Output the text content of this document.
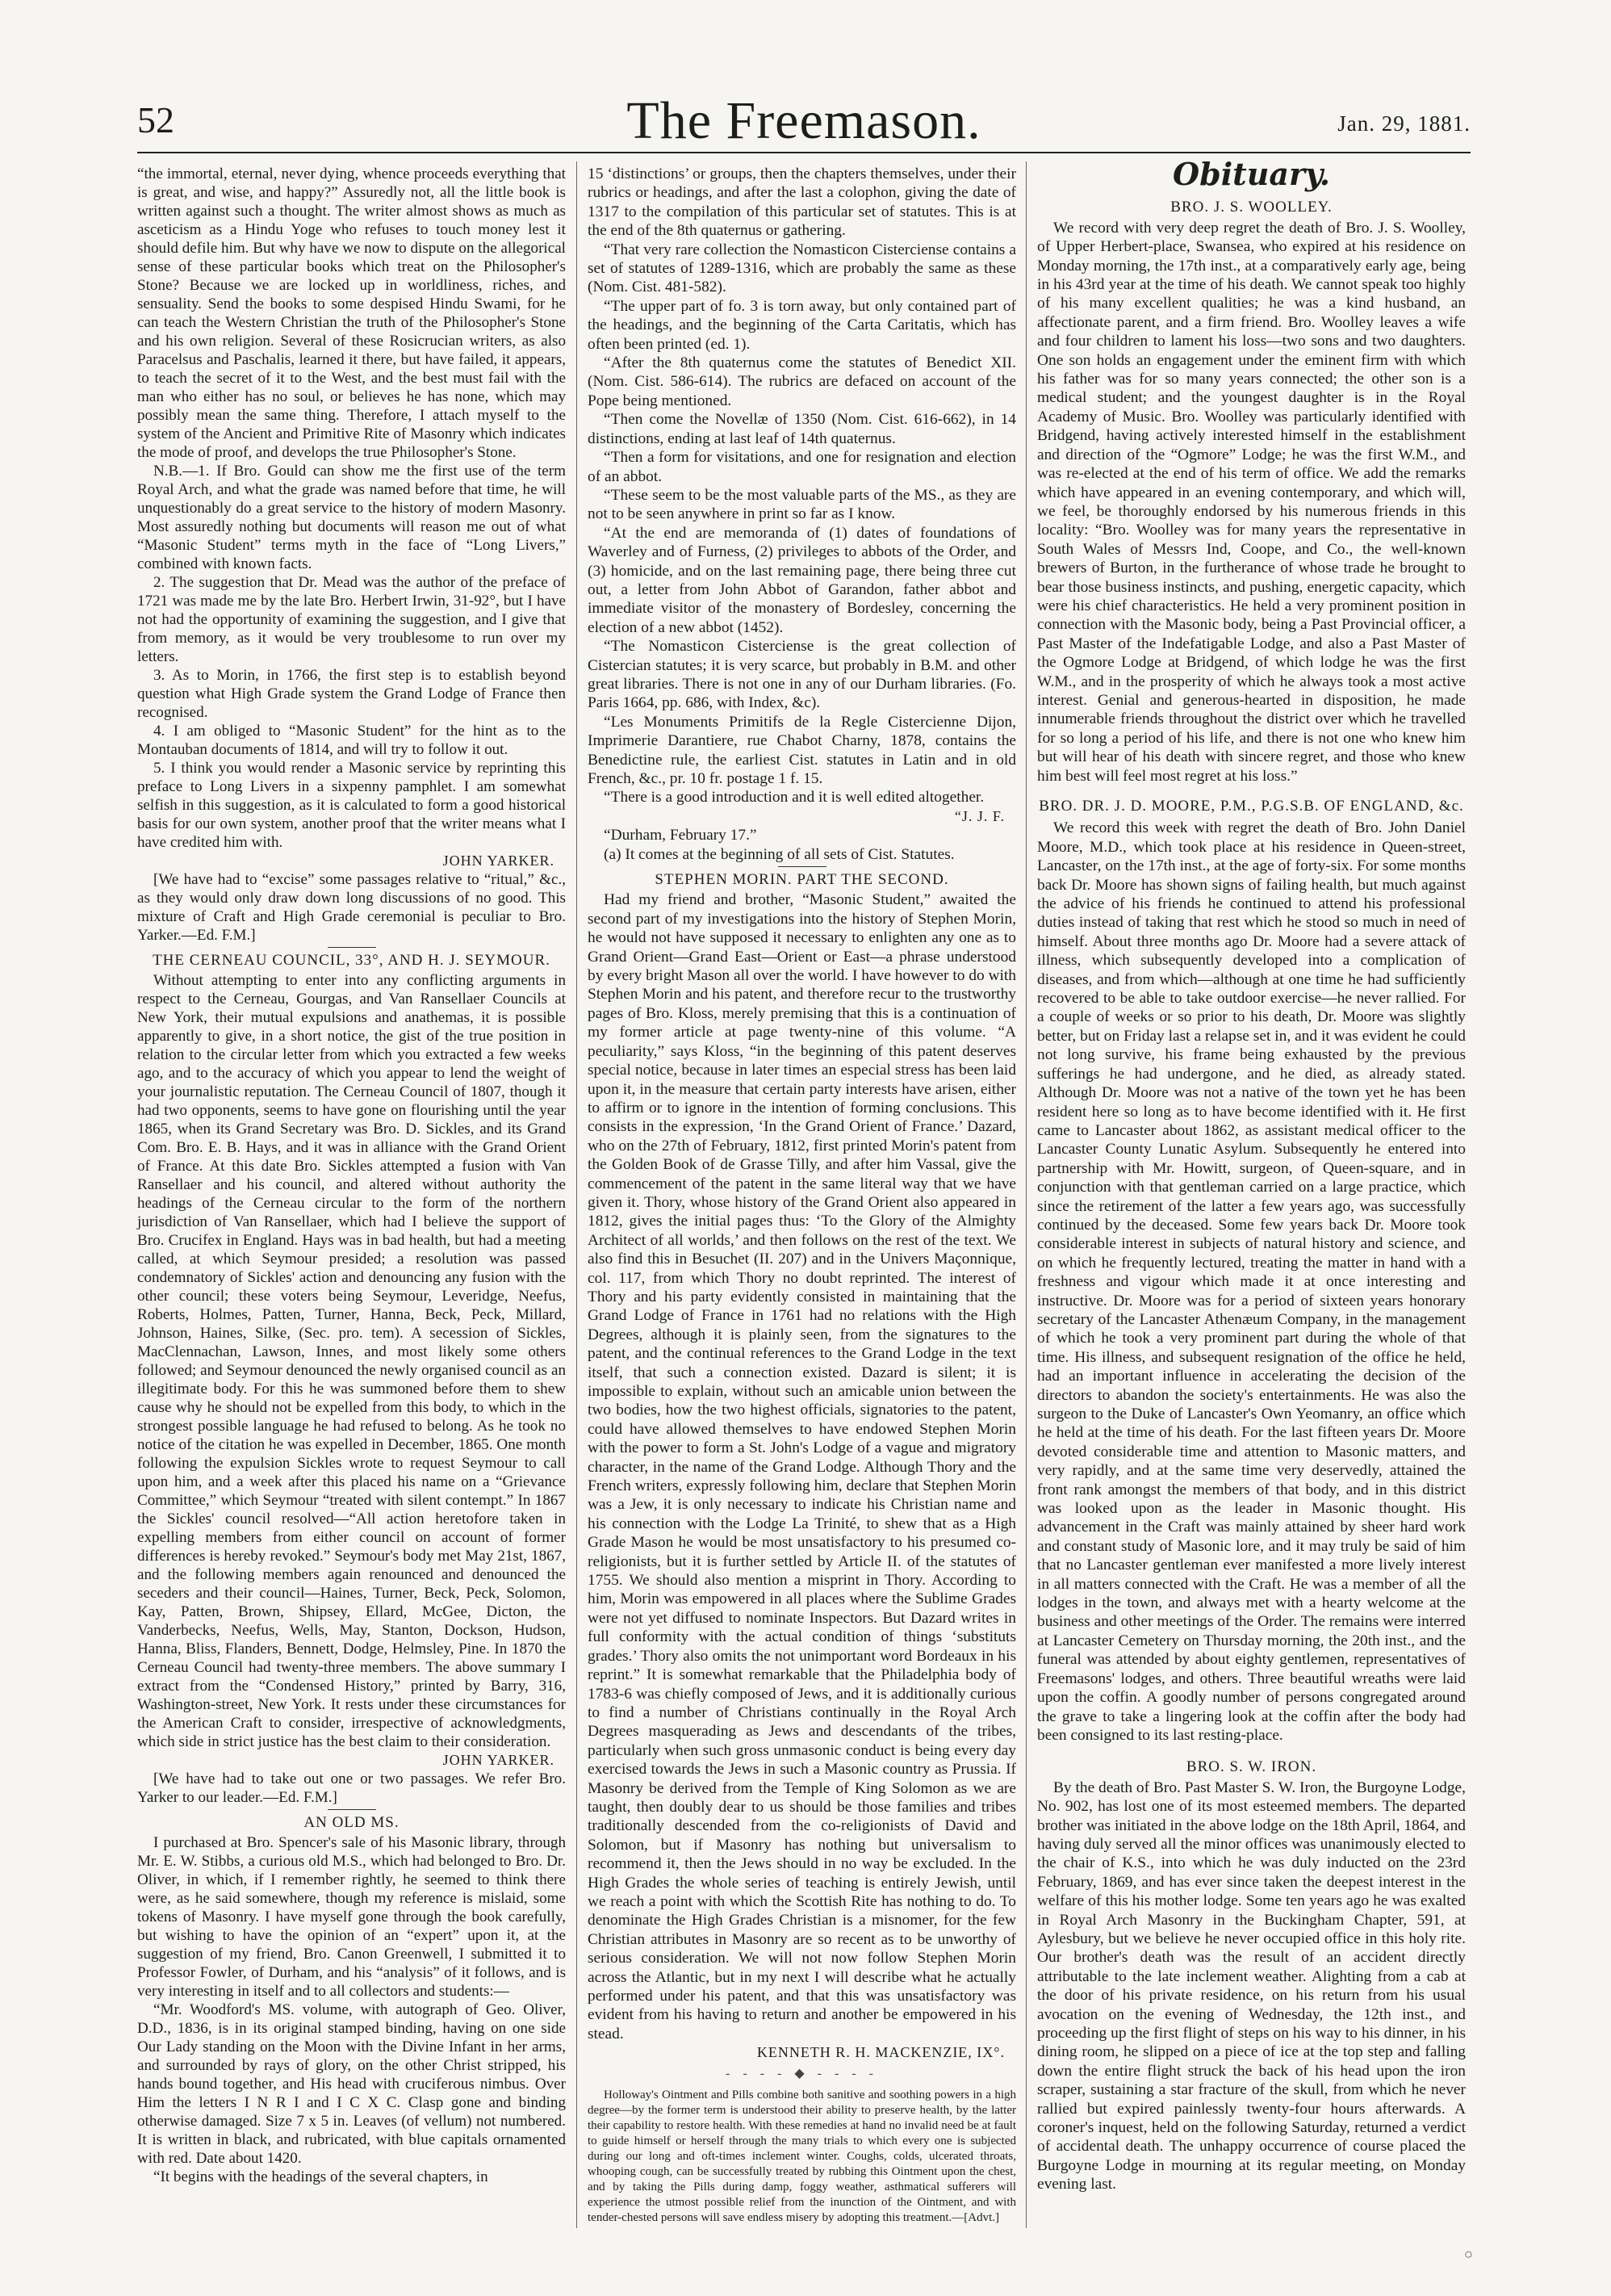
52	The Freemason.	Jan. 29, 1881.

“the immortal, eternal, never dying, whence proceeds everything that is great, and wise, and happy?” Assuredly not, all the little book is written against such a thought. The writer almost shows as much as asceticism as a Hindu Yoge who refuses to touch money lest it should defile him. But why have we now to dispute on the allegorical sense of these particular books which treat on the Philosopher's Stone? Because we are locked up in worldliness, riches, and sensuality. Send the books to some despised Hindu Swami, for he can teach the Western Christian the truth of the Philosopher's Stone and his own religion. Several of these Rosicrucian writers, as also Paracelsus and Paschalis, learned it there, but have failed, it appears, to teach the secret of it to the West, and the best must fail with the man who either has no soul, or believes he has none, which may possibly mean the same thing. Therefore, I attach myself to the system of the Ancient and Primitive Rite of Masonry which indicates the mode of proof, and develops the true Philosopher's Stone.

N.B.—1. If Bro. Gould can show me the first use of the term Royal Arch, and what the grade was named before that time, he will unquestionably do a great service to the history of modern Masonry. Most assuredly nothing but documents will reason me out of what “Masonic Student” terms myth in the face of “Long Livers,” combined with known facts.

2. The suggestion that Dr. Mead was the author of the preface of 1721 was made me by the late Bro. Herbert Irwin, 31-92°, but I have not had the opportunity of examining the suggestion, and I give that from memory, as it would be very troublesome to run over my letters.

3. As to Morin, in 1766, the first step is to establish beyond question what High Grade system the Grand Lodge of France then recognised.

4. I am obliged to “Masonic Student” for the hint as to the Montauban documents of 1814, and will try to follow it out.

5. I think you would render a Masonic service by reprinting this preface to Long Livers in a sixpenny pamphlet. I am somewhat selfish in this suggestion, as it is calculated to form a good historical basis for our own system, another proof that the writer means what I have credited him with.

JOHN YARKER.

[We have had to “excise” some passages relative to “ritual,” &c., as they would only draw down long discussions of no good. This mixture of Craft and High Grade ceremonial is peculiar to Bro. Yarker.—Ed. F.M.]

THE CERNEAU COUNCIL, 33°, AND H. J. SEYMOUR.

Without attempting to enter into any conflicting arguments in respect to the Cerneau, Gourgas, and Van Ransellaer Councils at New York, their mutual expulsions and anathemas, it is possible apparently to give, in a short notice, the gist of the true position in relation to the circular letter from which you extracted a few weeks ago, and to the accuracy of which you appear to lend the weight of your journalistic reputation. The Cerneau Council of 1807, though it had two opponents, seems to have gone on flourishing until the year 1865, when its Grand Secretary was Bro. D. Sickles, and its Grand Com. Bro. E. B. Hays, and it was in alliance with the Grand Orient of France. At this date Bro. Sickles attempted a fusion with Van Ransellaer and his council, and altered without authority the headings of the Cerneau circular to the form of the northern jurisdiction of Van Ransellaer, which had I believe the support of Bro. Crucifex in England. Hays was in bad health, but had a meeting called, at which Seymour presided; a resolution was passed condemnatory of Sickles' action and denouncing any fusion with the other council; these voters being Seymour, Leveridge, Neefus, Roberts, Holmes, Patten, Turner, Hanna, Beck, Peck, Millard, Johnson, Haines, Silke, (Sec. pro. tem). A secession of Sickles, MacClennachan, Lawson, Innes, and most likely some others followed; and Seymour denounced the newly organised council as an illegitimate body. For this he was summoned before them to shew cause why he should not be expelled from this body, to which in the strongest possible language he had refused to belong. As he took no notice of the citation he was expelled in December, 1865. One month following the expulsion Sickles wrote to request Seymour to call upon him, and a week after this placed his name on a “Grievance Committee,” which Seymour “treated with silent contempt.” In 1867 the Sickles' council resolved—“All action heretofore taken in expelling members from either council on account of former differences is hereby revoked.” Seymour's body met May 21st, 1867, and the following members again renounced and denounced the seceders and their council—Haines, Turner, Beck, Peck, Solomon, Kay, Patten, Brown, Shipsey, Ellard, McGee, Dicton, the Vanderbecks, Neefus, Wells, May, Stanton, Dockson, Hudson, Hanna, Bliss, Flanders, Bennett, Dodge, Helmsley, Pine. In 1870 the Cerneau Council had twenty-three members. The above summary I extract from the “Condensed History,” printed by Barry, 316, Washington-street, New York. It rests under these circumstances for the American Craft to consider, irrespective of acknowledgments, which side in strict justice has the best claim to their consideration.

JOHN YARKER.

[We have had to take out one or two passages. We refer Bro. Yarker to our leader.—Ed. F.M.]

AN OLD MS.

I purchased at Bro. Spencer's sale of his Masonic library, through Mr. E. W. Stibbs, a curious old M.S., which had belonged to Bro. Dr. Oliver, in which, if I remember rightly, he seemed to think there were, as he said somewhere, though my reference is mislaid, some tokens of Masonry. I have myself gone through the book carefully, but wishing to have the opinion of an “expert” upon it, at the suggestion of my friend, Bro. Canon Greenwell, I submitted it to Professor Fowler, of Durham, and his “analysis” of it follows, and is very interesting in itself and to all collectors and students:—

“Mr. Woodford's MS. volume, with autograph of Geo. Oliver, D.D., 1836, is in its original stamped binding, having on one side Our Lady standing on the Moon with the Divine Infant in her arms, and surrounded by rays of glory, on the other Christ stripped, his hands bound together, and His head with cruciferous nimbus. Over Him the letters I N R I and I C X C. Clasp gone and binding otherwise damaged. Size 7 x 5 in. Leaves (of vellum) not numbered. It is written in black, and rubricated, with blue capitals ornamented with red. Date about 1420.

“It begins with the headings of the several chapters, in

15 ‘distinctions’ or groups, then the chapters themselves, under their rubrics or headings, and after the last a colophon, giving the date of 1317 to the compilation of this particular set of statutes. This is at the end of the 8th quaternus or gathering.

“That very rare collection the Nomasticon Cisterciense contains a set of statutes of 1289-1316, which are probably the same as these (Nom. Cist. 481-582).

“The upper part of fo. 3 is torn away, but only contained part of the headings, and the beginning of the Carta Caritatis, which has often been printed (ed. 1).

“After the 8th quaternus come the statutes of Benedict XII. (Nom. Cist. 586-614). The rubrics are defaced on account of the Pope being mentioned.

“Then come the Novellæ of 1350 (Nom. Cist. 616-662), in 14 distinctions, ending at last leaf of 14th quaternus.

“Then a form for visitations, and one for resignation and election of an abbot.

“These seem to be the most valuable parts of the MS., as they are not to be seen anywhere in print so far as I know.

“At the end are memoranda of (1) dates of foundations of Waverley and of Furness, (2) privileges to abbots of the Order, and (3) homicide, and on the last remaining page, there being three cut out, a letter from John Abbot of Garandon, father abbot and immediate visitor of the monastery of Bordesley, concerning the election of a new abbot (1452).

“The Nomasticon Cisterciense is the great collection of Cistercian statutes; it is very scarce, but probably in B.M. and other great libraries. There is not one in any of our Durham libraries. (Fo. Paris 1664, pp. 686, with Index, &c).

“Les Monuments Primitifs de la Regle Cistercienne Dijon, Imprimerie Darantiere, rue Chabot Charny, 1878, contains the Benedictine rule, the earliest Cist. statutes in Latin and in old French, &c., pr. 10 fr. postage 1 f. 15.

“There is a good introduction and it is well edited altogether.

“J. J. F.

“Durham, February 17.”

(a) It comes at the beginning of all sets of Cist. Statutes.

STEPHEN MORIN. PART THE SECOND.

Had my friend and brother, “Masonic Student,” awaited the second part of my investigations into the history of Stephen Morin, he would not have supposed it necessary to enlighten any one as to Grand Orient—Grand East—Orient or East—a phrase understood by every bright Mason all over the world. I have however to do with Stephen Morin and his patent, and therefore recur to the trustworthy pages of Bro. Kloss, merely premising that this is a continuation of my former article at page twenty-nine of this volume. “A peculiarity,” says Kloss, “in the beginning of this patent deserves special notice, because in later times an especial stress has been laid upon it, in the measure that certain party interests have arisen, either to affirm or to ignore in the intention of forming conclusions. This consists in the expression, ‘In the Grand Orient of France.’ Dazard, who on the 27th of February, 1812, first printed Morin's patent from the Golden Book of de Grasse Tilly, and after him Vassal, give the commencement of the patent in the same literal way that we have given it. Thory, whose history of the Grand Orient also appeared in 1812, gives the initial pages thus: ‘To the Glory of the Almighty Architect of all worlds,’ and then follows on the rest of the text. We also find this in Besuchet (II. 207) and in the Univers Maçonnique, col. 117, from which Thory no doubt reprinted. The interest of Thory and his party evidently consisted in maintaining that the Grand Lodge of France in 1761 had no relations with the High Degrees, although it is plainly seen, from the signatures to the patent, and the continual references to the Grand Lodge in the text itself, that such a connection existed. Dazard is silent; it is impossible to explain, without such an amicable union between the two bodies, how the two highest officials, signatories to the patent, could have allowed themselves to have endowed Stephen Morin with the power to form a St. John's Lodge of a vague and migratory character, in the name of the Grand Lodge. Although Thory and the French writers, expressly following him, declare that Stephen Morin was a Jew, it is only necessary to indicate his Christian name and his connection with the Lodge La Trinité, to shew that as a High Grade Mason he would be most unsatisfactory to his presumed co-religionists, but it is further settled by Article II. of the statutes of 1755. We should also mention a misprint in Thory. According to him, Morin was empowered in all places where the Sublime Grades were not yet diffused to nominate Inspectors. But Dazard writes in full conformity with the actual condition of things ‘substituts grades.’ Thory also omits the not unimportant word Bordeaux in his reprint.” It is somewhat remarkable that the Philadelphia body of 1783-6 was chiefly composed of Jews, and it is additionally curious to find a number of Christians continually in the Royal Arch Degrees masquerading as Jews and descendants of the tribes, particularly when such gross unmasonic conduct is being every day exercised towards the Jews in such a Masonic country as Prussia. If Masonry be derived from the Temple of King Solomon as we are taught, then doubly dear to us should be those families and tribes traditionally descended from the co-religionists of David and Solomon, but if Masonry has nothing but universalism to recommend it, then the Jews should in no way be excluded. In the High Grades the whole series of teaching is entirely Jewish, until we reach a point with which the Scottish Rite has nothing to do. To denominate the High Grades Christian is a misnomer, for the few Christian attributes in Masonry are so recent as to be unworthy of serious consideration. We will not now follow Stephen Morin across the Atlantic, but in my next I will describe what he actually performed under his patent, and that this was unsatisfactory was evident from his having to return and another be empowered in his stead.

KENNETH R. H. MACKENZIE, IX°.

- - - - ◆ - - - -

Holloway's Ointment and Pills combine both sanitive and soothing powers in a high degree—by the former term is understood their ability to preserve health, by the latter their capability to restore health. With these remedies at hand no invalid need be at fault to guide himself or herself through the many trials to which every one is subjected during our long and oft-times inclement winter. Coughs, colds, ulcerated throats, whooping cough, can be successfully treated by rubbing this Ointment upon the chest, and by taking the Pills during damp, foggy weather, asthmatical sufferers will experience the utmost possible relief from the inunction of the Ointment, and with tender-chested persons will save endless misery by adopting this treatment.—[Advt.]

Obituary.
BRO. J. S. WOOLLEY.

We record with very deep regret the death of Bro. J. S. Woolley, of Upper Herbert-place, Swansea, who expired at his residence on Monday morning, the 17th inst., at a comparatively early age, being in his 43rd year at the time of his death. We cannot speak too highly of his many excellent qualities; he was a kind husband, an affectionate parent, and a firm friend. Bro. Woolley leaves a wife and four children to lament his loss—two sons and two daughters. One son holds an engagement under the eminent firm with which his father was for so many years connected; the other son is a medical student; and the youngest daughter is in the Royal Academy of Music. Bro. Woolley was particularly identified with Bridgend, having actively interested himself in the establishment and direction of the “Ogmore” Lodge; he was the first W.M., and was re-elected at the end of his term of office. We add the remarks which have appeared in an evening contemporary, and which will, we feel, be thoroughly endorsed by his numerous friends in this locality: “Bro. Woolley was for many years the representative in South Wales of Messrs Ind, Coope, and Co., the well-known brewers of Burton, in the furtherance of whose trade he brought to bear those business instincts, and pushing, energetic capacity, which were his chief characteristics. He held a very prominent position in connection with the Masonic body, being a Past Provincial officer, a Past Master of the Indefatigable Lodge, and also a Past Master of the Ogmore Lodge at Bridgend, of which lodge he was the first W.M., and in the prosperity of which he always took a most active interest. Genial and generous-hearted in disposition, he made innumerable friends throughout the district over which he travelled for so long a period of his life, and there is not one who knew him but will hear of his death with sincere regret, and those who knew him best will feel most regret at his loss.”

BRO. DR. J. D. MOORE, P.M., P.G.S.B. OF ENGLAND, &c.

We record this week with regret the death of Bro. John Daniel Moore, M.D., which took place at his residence in Queen-street, Lancaster, on the 17th inst., at the age of forty-six. For some months back Dr. Moore has shown signs of failing health, but much against the advice of his friends he continued to attend his professional duties instead of taking that rest which he stood so much in need of himself. About three months ago Dr. Moore had a severe attack of illness, which subsequently developed into a complication of diseases, and from which—although at one time he had sufficiently recovered to be able to take outdoor exercise—he never rallied. For a couple of weeks or so prior to his death, Dr. Moore was slightly better, but on Friday last a relapse set in, and it was evident he could not long survive, his frame being exhausted by the previous sufferings he had undergone, and he died, as already stated. Although Dr. Moore was not a native of the town yet he has been resident here so long as to have become identified with it. He first came to Lancaster about 1862, as assistant medical officer to the Lancaster County Lunatic Asylum. Subsequently he entered into partnership with Mr. Howitt, surgeon, of Queen-square, and in conjunction with that gentleman carried on a large practice, which since the retirement of the latter a few years ago, was successfully continued by the deceased. Some few years back Dr. Moore took considerable interest in subjects of natural history and science, and on which he frequently lectured, treating the matter in hand with a freshness and vigour which made it at once interesting and instructive. Dr. Moore was for a period of sixteen years honorary secretary of the Lancaster Athenæum Company, in the management of which he took a very prominent part during the whole of that time. His illness, and subsequent resignation of the office he held, had an important influence in accelerating the decision of the directors to abandon the society's entertainments. He was also the surgeon to the Duke of Lancaster's Own Yeomanry, an office which he held at the time of his death. For the last fifteen years Dr. Moore devoted considerable time and attention to Masonic matters, and very rapidly, and at the same time very deservedly, attained the front rank amongst the members of that body, and in this district was looked upon as the leader in Masonic thought. His advancement in the Craft was mainly attained by sheer hard work and constant study of Masonic lore, and it may truly be said of him that no Lancaster gentleman ever manifested a more lively interest in all matters connected with the Craft. He was a member of all the lodges in the town, and always met with a hearty welcome at the business and other meetings of the Order. The remains were interred at Lancaster Cemetery on Thursday morning, the 20th inst., and the funeral was attended by about eighty gentlemen, representatives of Freemasons' lodges, and others. Three beautiful wreaths were laid upon the coffin. A goodly number of persons congregated around the grave to take a lingering look at the coffin after the body had been consigned to its last resting-place.

BRO. S. W. IRON.

By the death of Bro. Past Master S. W. Iron, the Burgoyne Lodge, No. 902, has lost one of its most esteemed members. The departed brother was initiated in the above lodge on the 18th April, 1864, and having duly served all the minor offices was unanimously elected to the chair of K.S., into which he was duly inducted on the 23rd February, 1869, and has ever since taken the deepest interest in the welfare of this his mother lodge. Some ten years ago he was exalted in Royal Arch Masonry in the Buckingham Chapter, 591, at Aylesbury, but we believe he never occupied office in this holy rite. Our brother's death was the result of an accident directly attributable to the late inclement weather. Alighting from a cab at the door of his private residence, on his return from his usual avocation on the evening of Wednesday, the 12th inst., and proceeding up the first flight of steps on his way to his dinner, in his dining room, he slipped on a piece of ice at the top step and falling down the entire flight struck the back of his head upon the iron scraper, sustaining a star fracture of the skull, from which he never rallied but expired painlessly twenty-four hours afterwards. A coroner's inquest, held on the following Saturday, returned a verdict of accidental death. The unhappy occurrence of course placed the Burgoyne Lodge in mourning at its regular meeting, on Monday evening last.

○
